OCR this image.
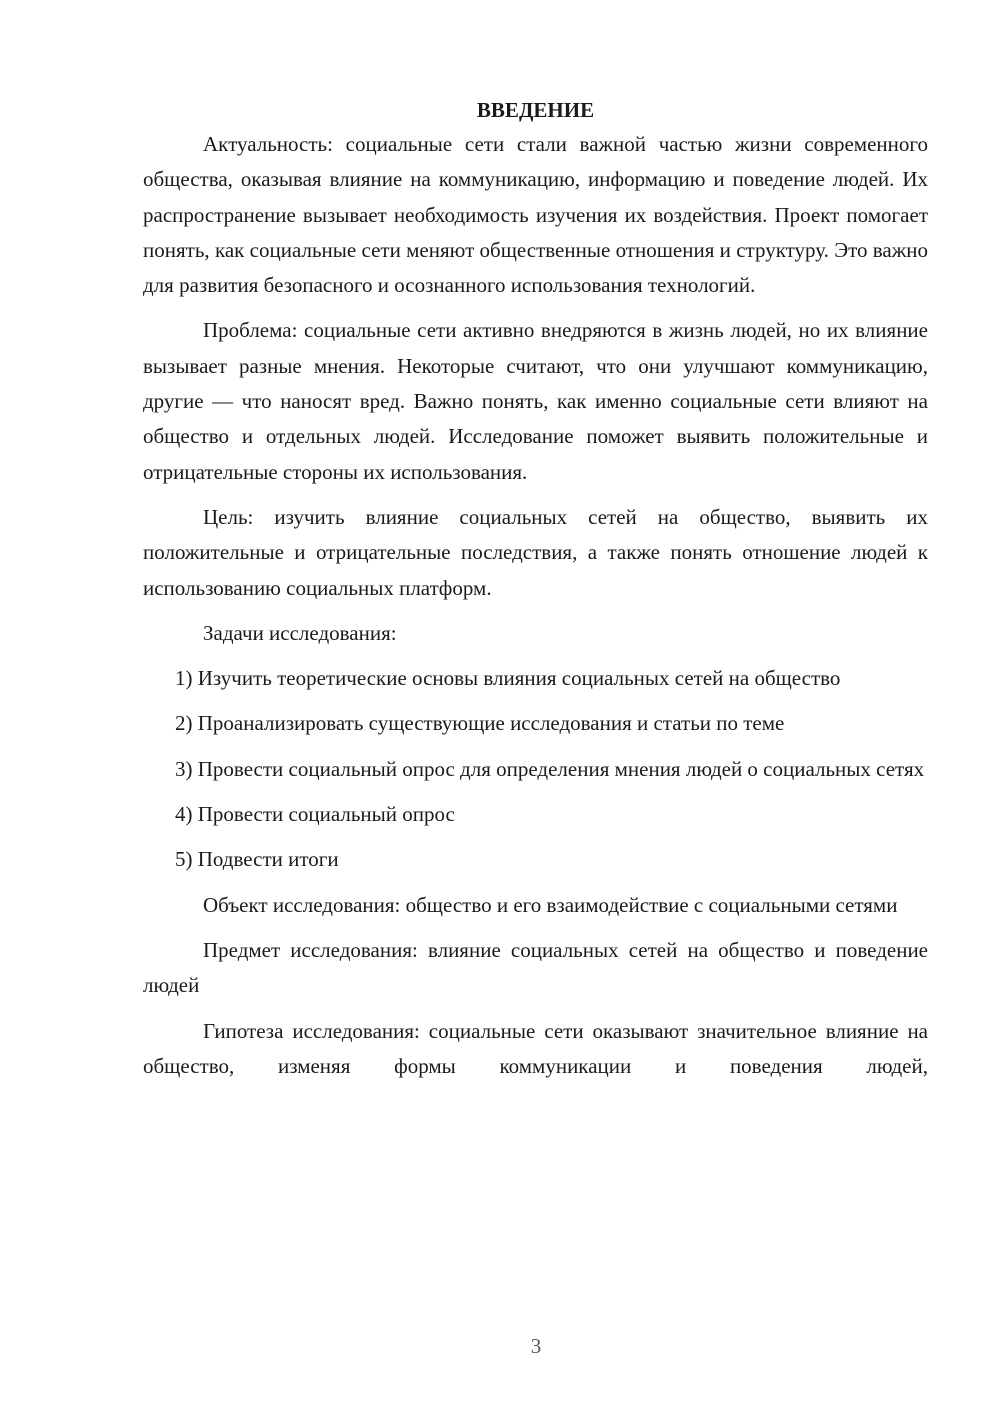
ВВЕДЕНИЕ

Актуальность: социальные сети стали важной частью жизни современного общества, оказывая влияние на коммуникацию, информацию и поведение людей. Их распространение вызывает необходимость изучения их воздействия. Проект помогает понять, как социальные сети меняют общественные отношения и структуру. Это важно для развития безопасного и осознанного использования технологий.

Проблема: социальные сети активно внедряются в жизнь людей, но их влияние вызывает разные мнения. Некоторые считают, что они улучшают коммуникацию, другие — что наносят вред. Важно понять, как именно социальные сети влияют на общество и отдельных людей. Исследование поможет выявить положительные и отрицательные стороны их использования.

Цель: изучить влияние социальных сетей на общество, выявить их положительные и отрицательные последствия, а также понять отношение людей к использованию социальных платформ.

Задачи исследования:

1) Изучить теоретические основы влияния социальных сетей на общество

2) Проанализировать существующие исследования и статьи по теме

3) Провести социальный опрос для определения мнения людей о социальных сетях

4) Провести социальный опрос

5) Подвести итоги

Объект исследования: общество и его взаимодействие с социальными сетями

Предмет исследования: влияние социальных сетей на общество и поведение людей

Гипотеза исследования: социальные сети оказывают значительное влияние на общество, изменяя формы коммуникации и поведения людей,

3
